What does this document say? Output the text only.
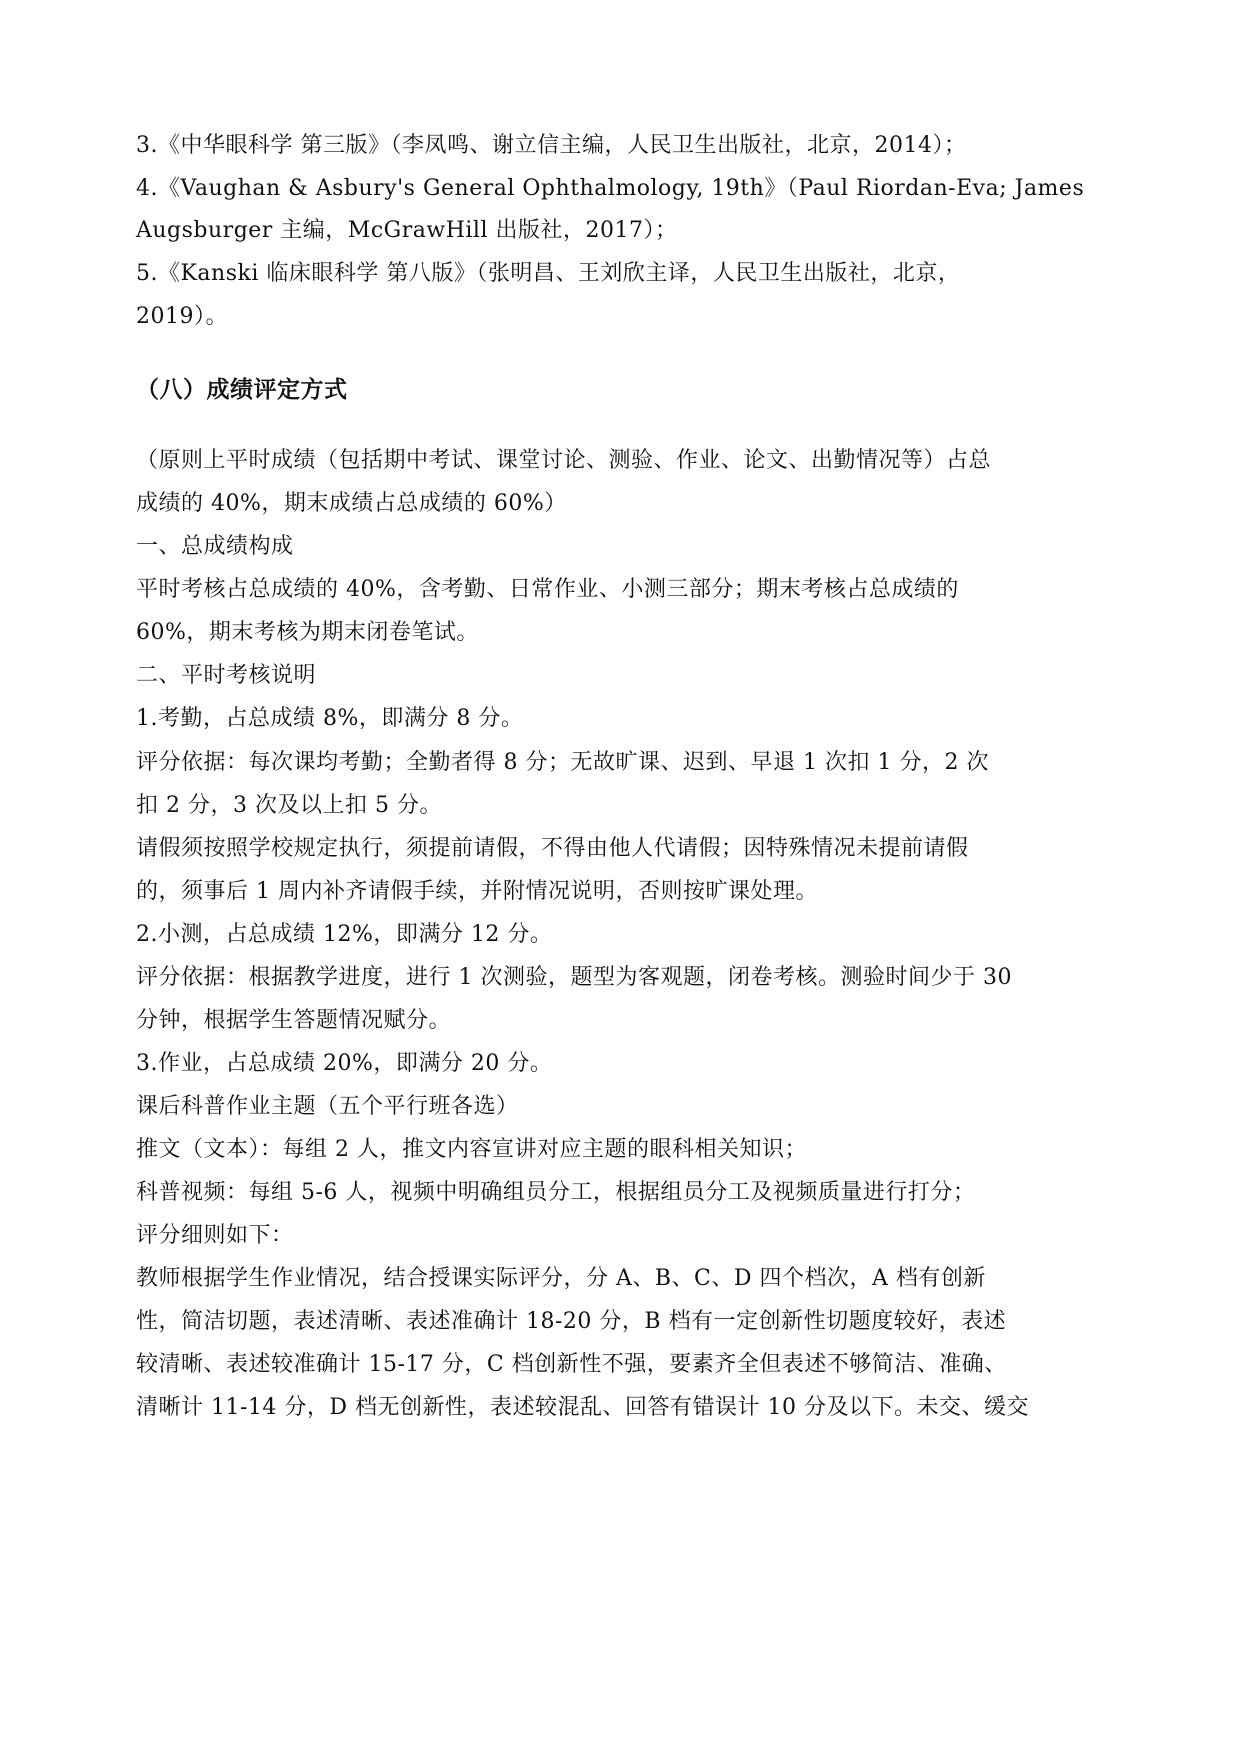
3.《中华眼科学 第三版》（李凤鸣、谢立信主编，人民卫生出版社，北京，2014）；
4.《Vaughan & Asbury's General Ophthalmology, 19th》（Paul Riordan-Eva; James
Augsburger 主编，McGrawHill 出版社，2017）；
5.《Kanski 临床眼科学 第八版》（张明昌、王刘欣主译，人民卫生出版社，北京，
2019）。
（八）成绩评定方式
（原则上平时成绩（包括期中考试、课堂讨论、测验、作业、论文、出勤情况等）占总
成绩的 40%，期末成绩占总成绩的 60%）
一、总成绩构成
平时考核占总成绩的 40%，含考勤、日常作业、小测三部分；期末考核占总成绩的
60%，期末考核为期末闭卷笔试。
二、平时考核说明
1.考勤，占总成绩 8%，即满分 8 分。
评分依据：每次课均考勤；全勤者得 8 分；无故旷课、迟到、早退 1 次扣 1 分，2 次
扣 2 分，3 次及以上扣 5 分。
请假须按照学校规定执行，须提前请假，不得由他人代请假；因特殊情况未提前请假
的，须事后 1 周内补齐请假手续，并附情况说明，否则按旷课处理。
2.小测，占总成绩 12%，即满分 12 分。
评分依据：根据教学进度，进行 1 次测验，题型为客观题，闭卷考核。测验时间少于 30
分钟，根据学生答题情况赋分。
3.作业，占总成绩 20%，即满分 20 分。
课后科普作业主题（五个平行班各选）
推文（文本）：每组 2 人，推文内容宣讲对应主题的眼科相关知识；
科普视频：每组 5-6 人，视频中明确组员分工，根据组员分工及视频质量进行打分；
评分细则如下：
教师根据学生作业情况，结合授课实际评分，分 A、B、C、D 四个档次，A 档有创新
性，简洁切题，表述清晰、表述准确计 18-20 分，B 档有一定创新性切题度较好，表述
较清晰、表述较准确计 15-17 分，C 档创新性不强，要素齐全但表述不够简洁、准确、
清晰计 11-14 分，D 档无创新性，表述较混乱、回答有错误计 10 分及以下。未交、缓交
